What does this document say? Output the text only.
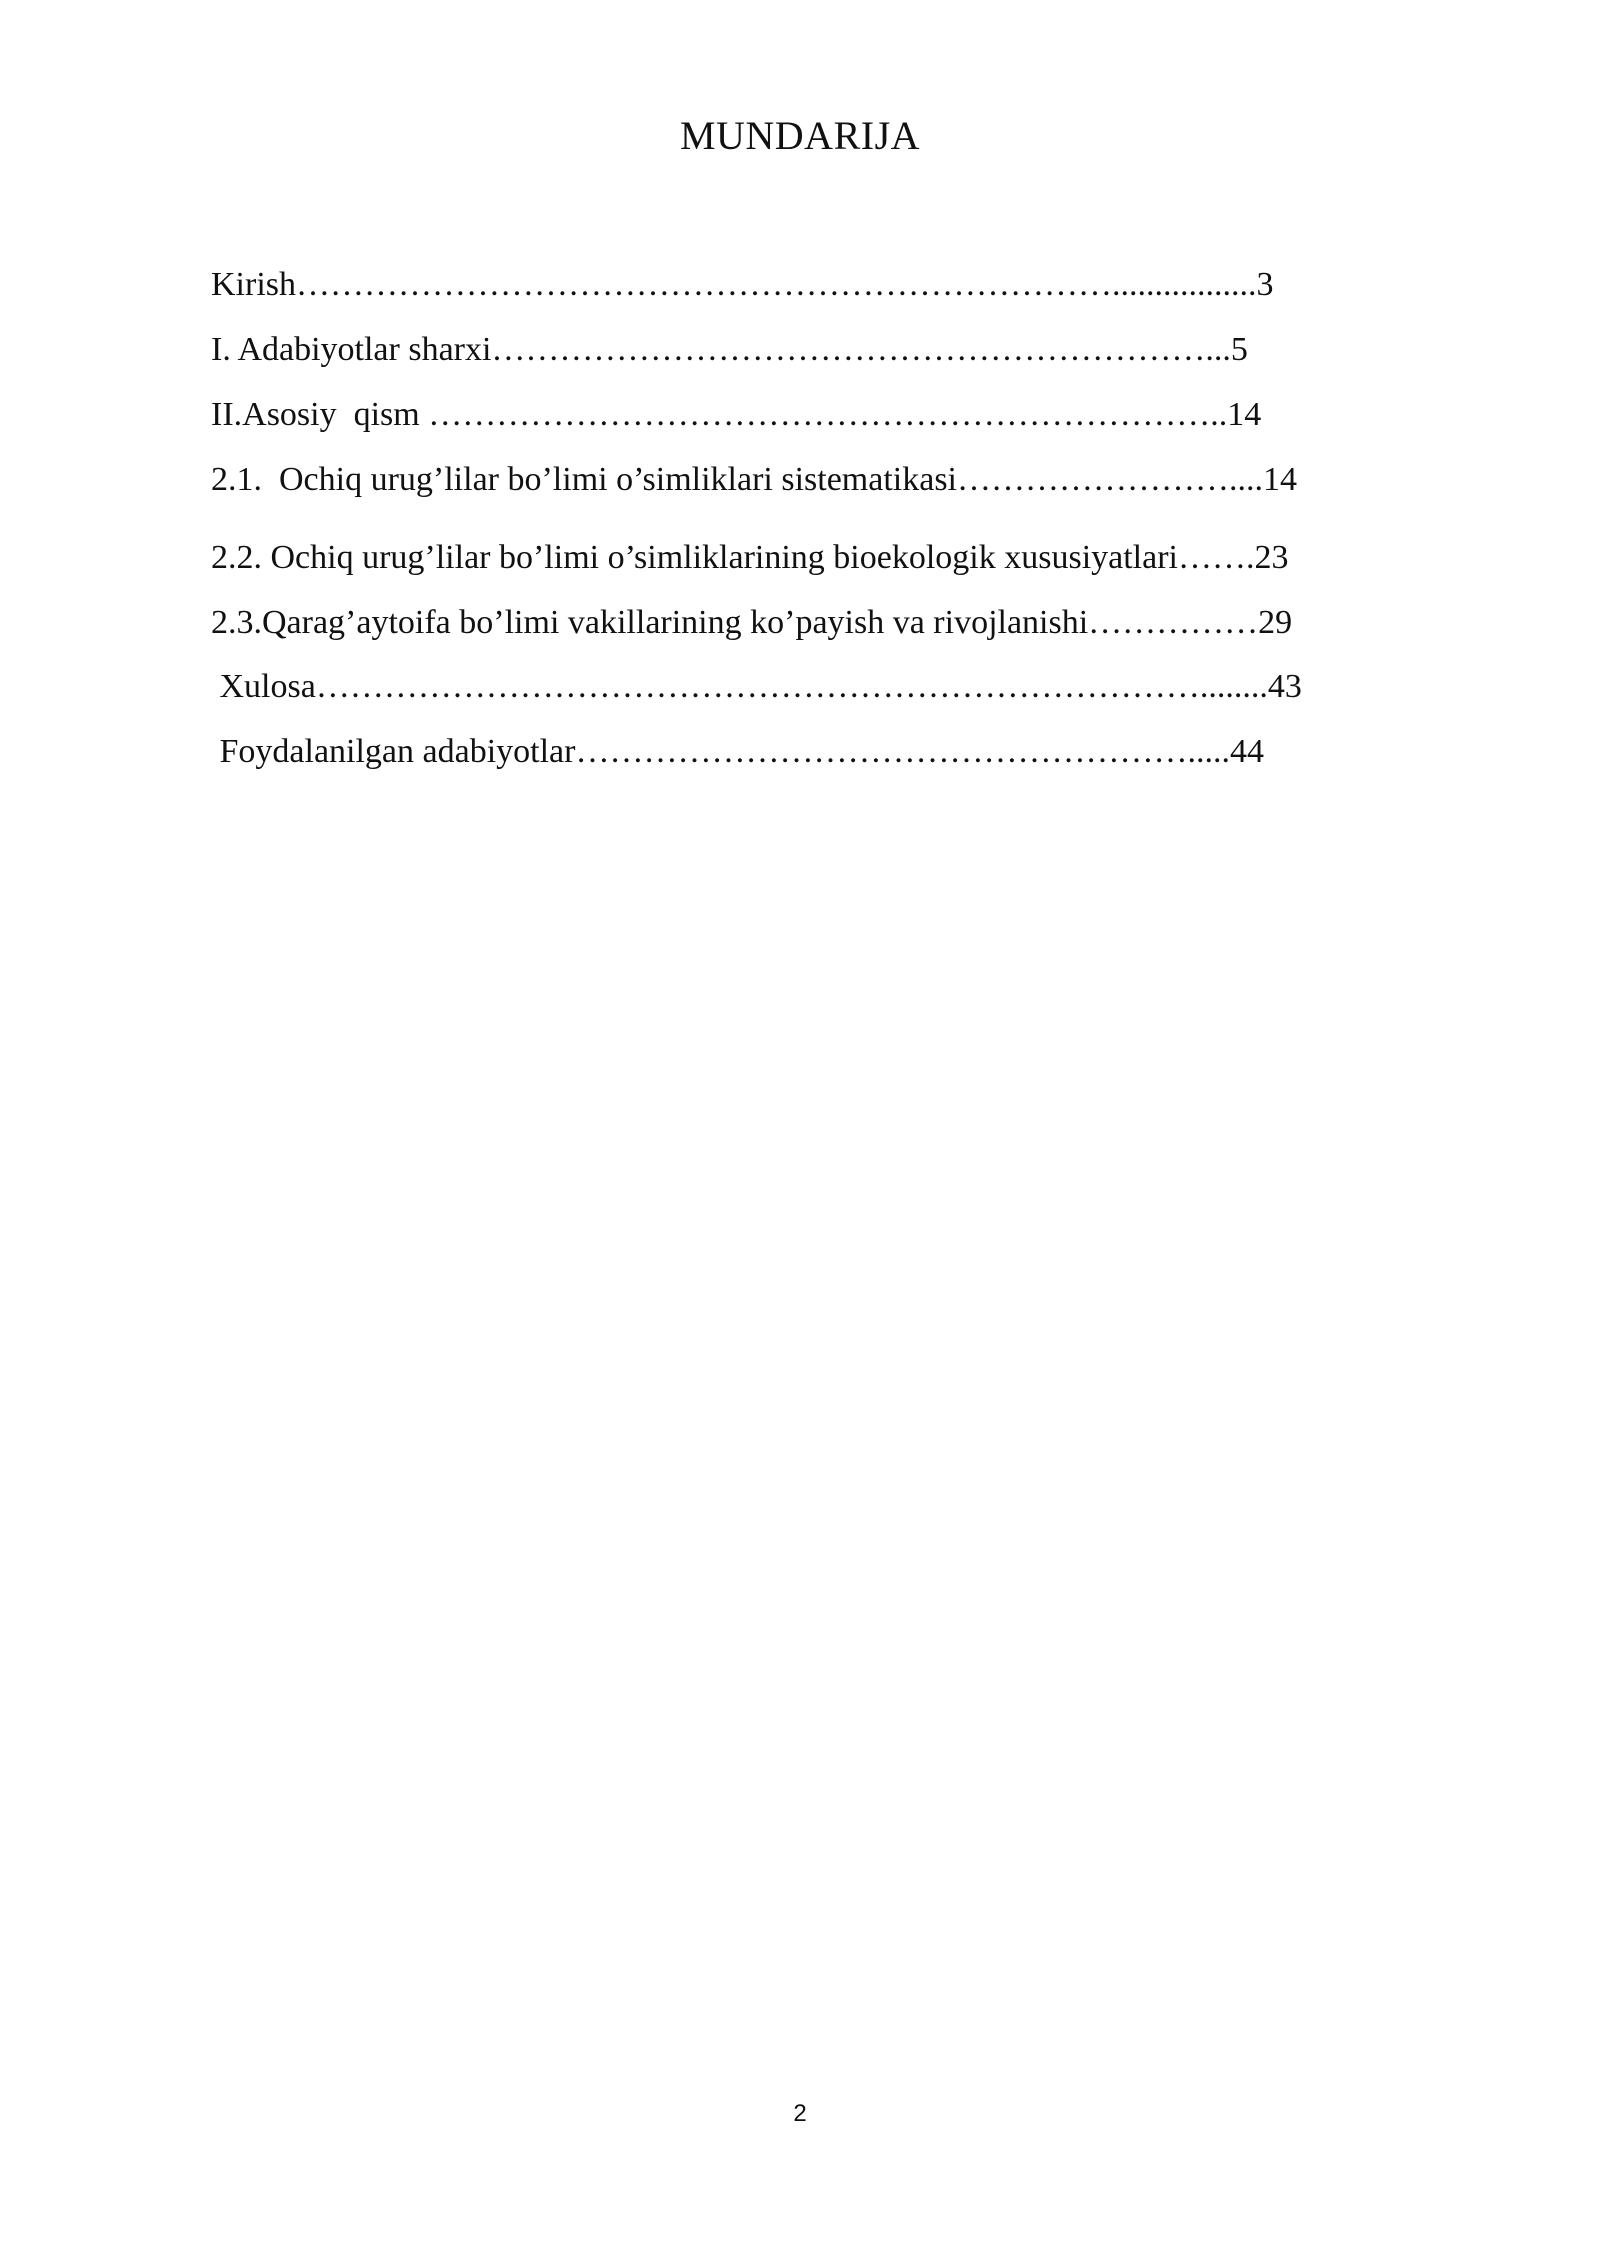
MUNDARIJA
Kirish……………………………………………………………….................3
I. Adabiyotlar sharxi………………………………………………………...5
II.Asosiy  qism ……………………………………………………………..14
2.1.  Ochiq urug’lilar bo’limi o’simliklari sistematikasi……………………....14
2.2. Ochiq urug’lilar bo’limi o’simliklarining bioekologik xususiyatlari…….23
2.3.Qarag’aytoifa bo’limi vakillarining ko’payish va rivojlanishi……………29
Xulosa……………………………………………………………………........43
Foydalanilgan adabiyotlar……………………………………………….....44
2
